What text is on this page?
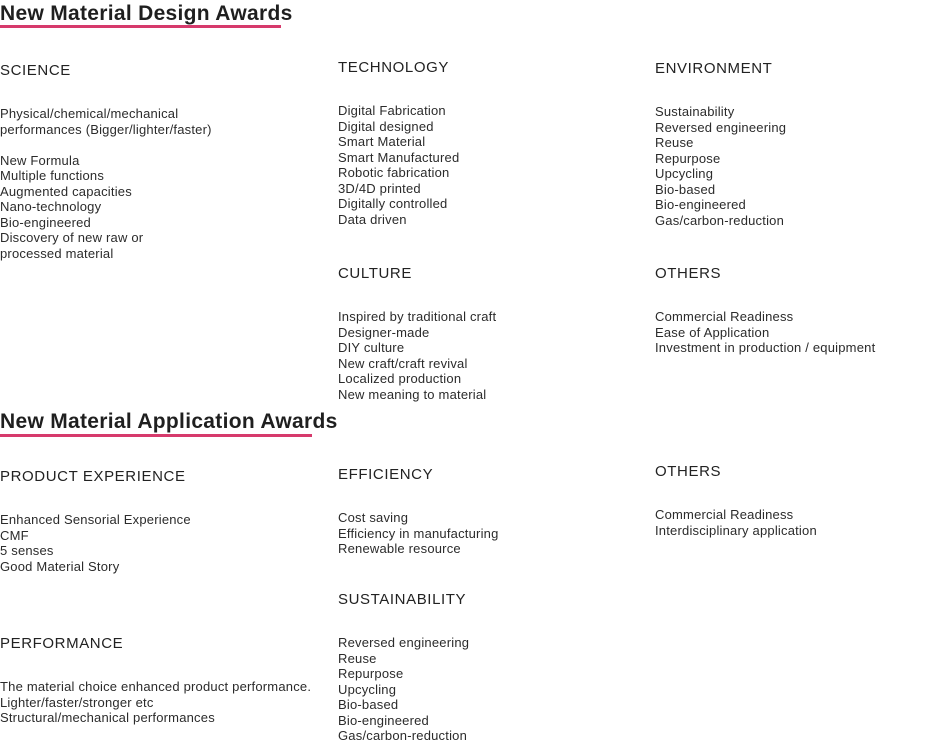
New Material Design Awards
SCIENCE
Physical/chemical/mechanical
performances (Bigger/lighter/faster)
New Formula
Multiple functions
Augmented capacities
Nano-technology
Bio-engineered
Discovery of new raw or
processed material
TECHNOLOGY
Digital Fabrication
Digital designed
Smart Material
Smart Manufactured
Robotic fabrication
3D/4D printed
Digitally controlled
Data driven
ENVIRONMENT
Sustainability
Reversed engineering
Reuse
Repurpose
Upcycling
Bio-based
Bio-engineered
Gas/carbon-reduction
CULTURE
Inspired by traditional craft
Designer-made
DIY culture
New craft/craft revival
Localized production
New meaning to material
OTHERS
Commercial Readiness
Ease of Application
Investment in production / equipment
New Material Application Awards
PRODUCT EXPERIENCE
Enhanced Sensorial Experience
CMF
5 senses
Good Material Story
EFFICIENCY
Cost saving
Efficiency in manufacturing
Renewable resource
OTHERS
Commercial Readiness
Interdisciplinary application
SUSTAINABILITY
Reversed engineering
Reuse
Repurpose
Upcycling
Bio-based
Bio-engineered
Gas/carbon-reduction
PERFORMANCE
The material choice enhanced product performance.
Lighter/faster/stronger etc
Structural/mechanical performances
